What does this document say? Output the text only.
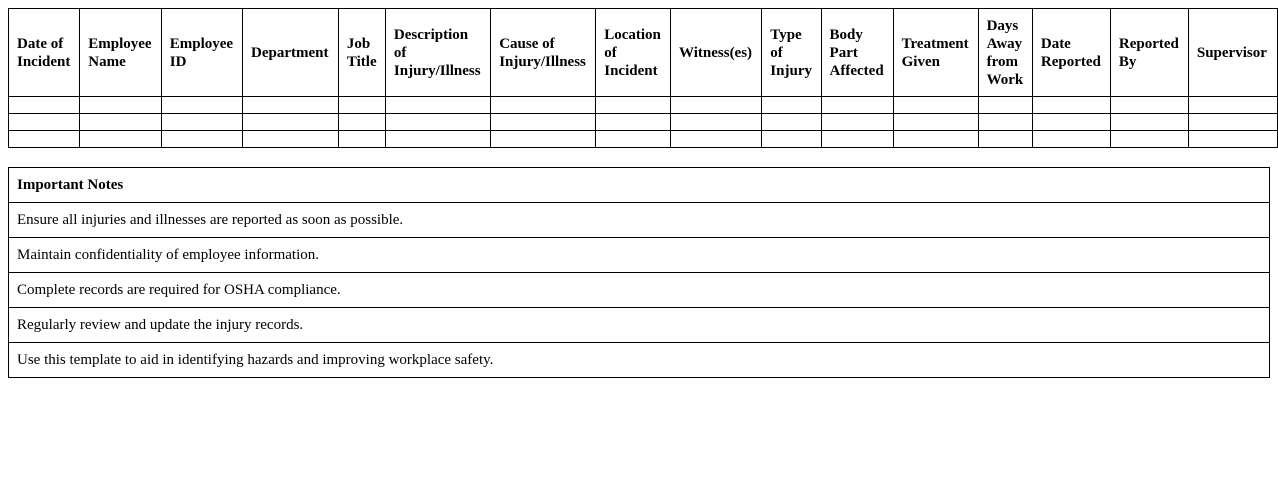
Date of Incident	Employee Name	Employee ID	Department	Job Title	Description of Injury/Illness	Cause of Injury/Illness	Location of Incident	Witness(es)	Type of Injury	Body Part Affected	Treatment Given	Days Away from Work	Date Reported	Reported By	Supervisor

Important Notes
Ensure all injuries and illnesses are reported as soon as possible.
Maintain confidentiality of employee information.
Complete records are required for OSHA compliance.
Regularly review and update the injury records.
Use this template to aid in identifying hazards and improving workplace safety.
